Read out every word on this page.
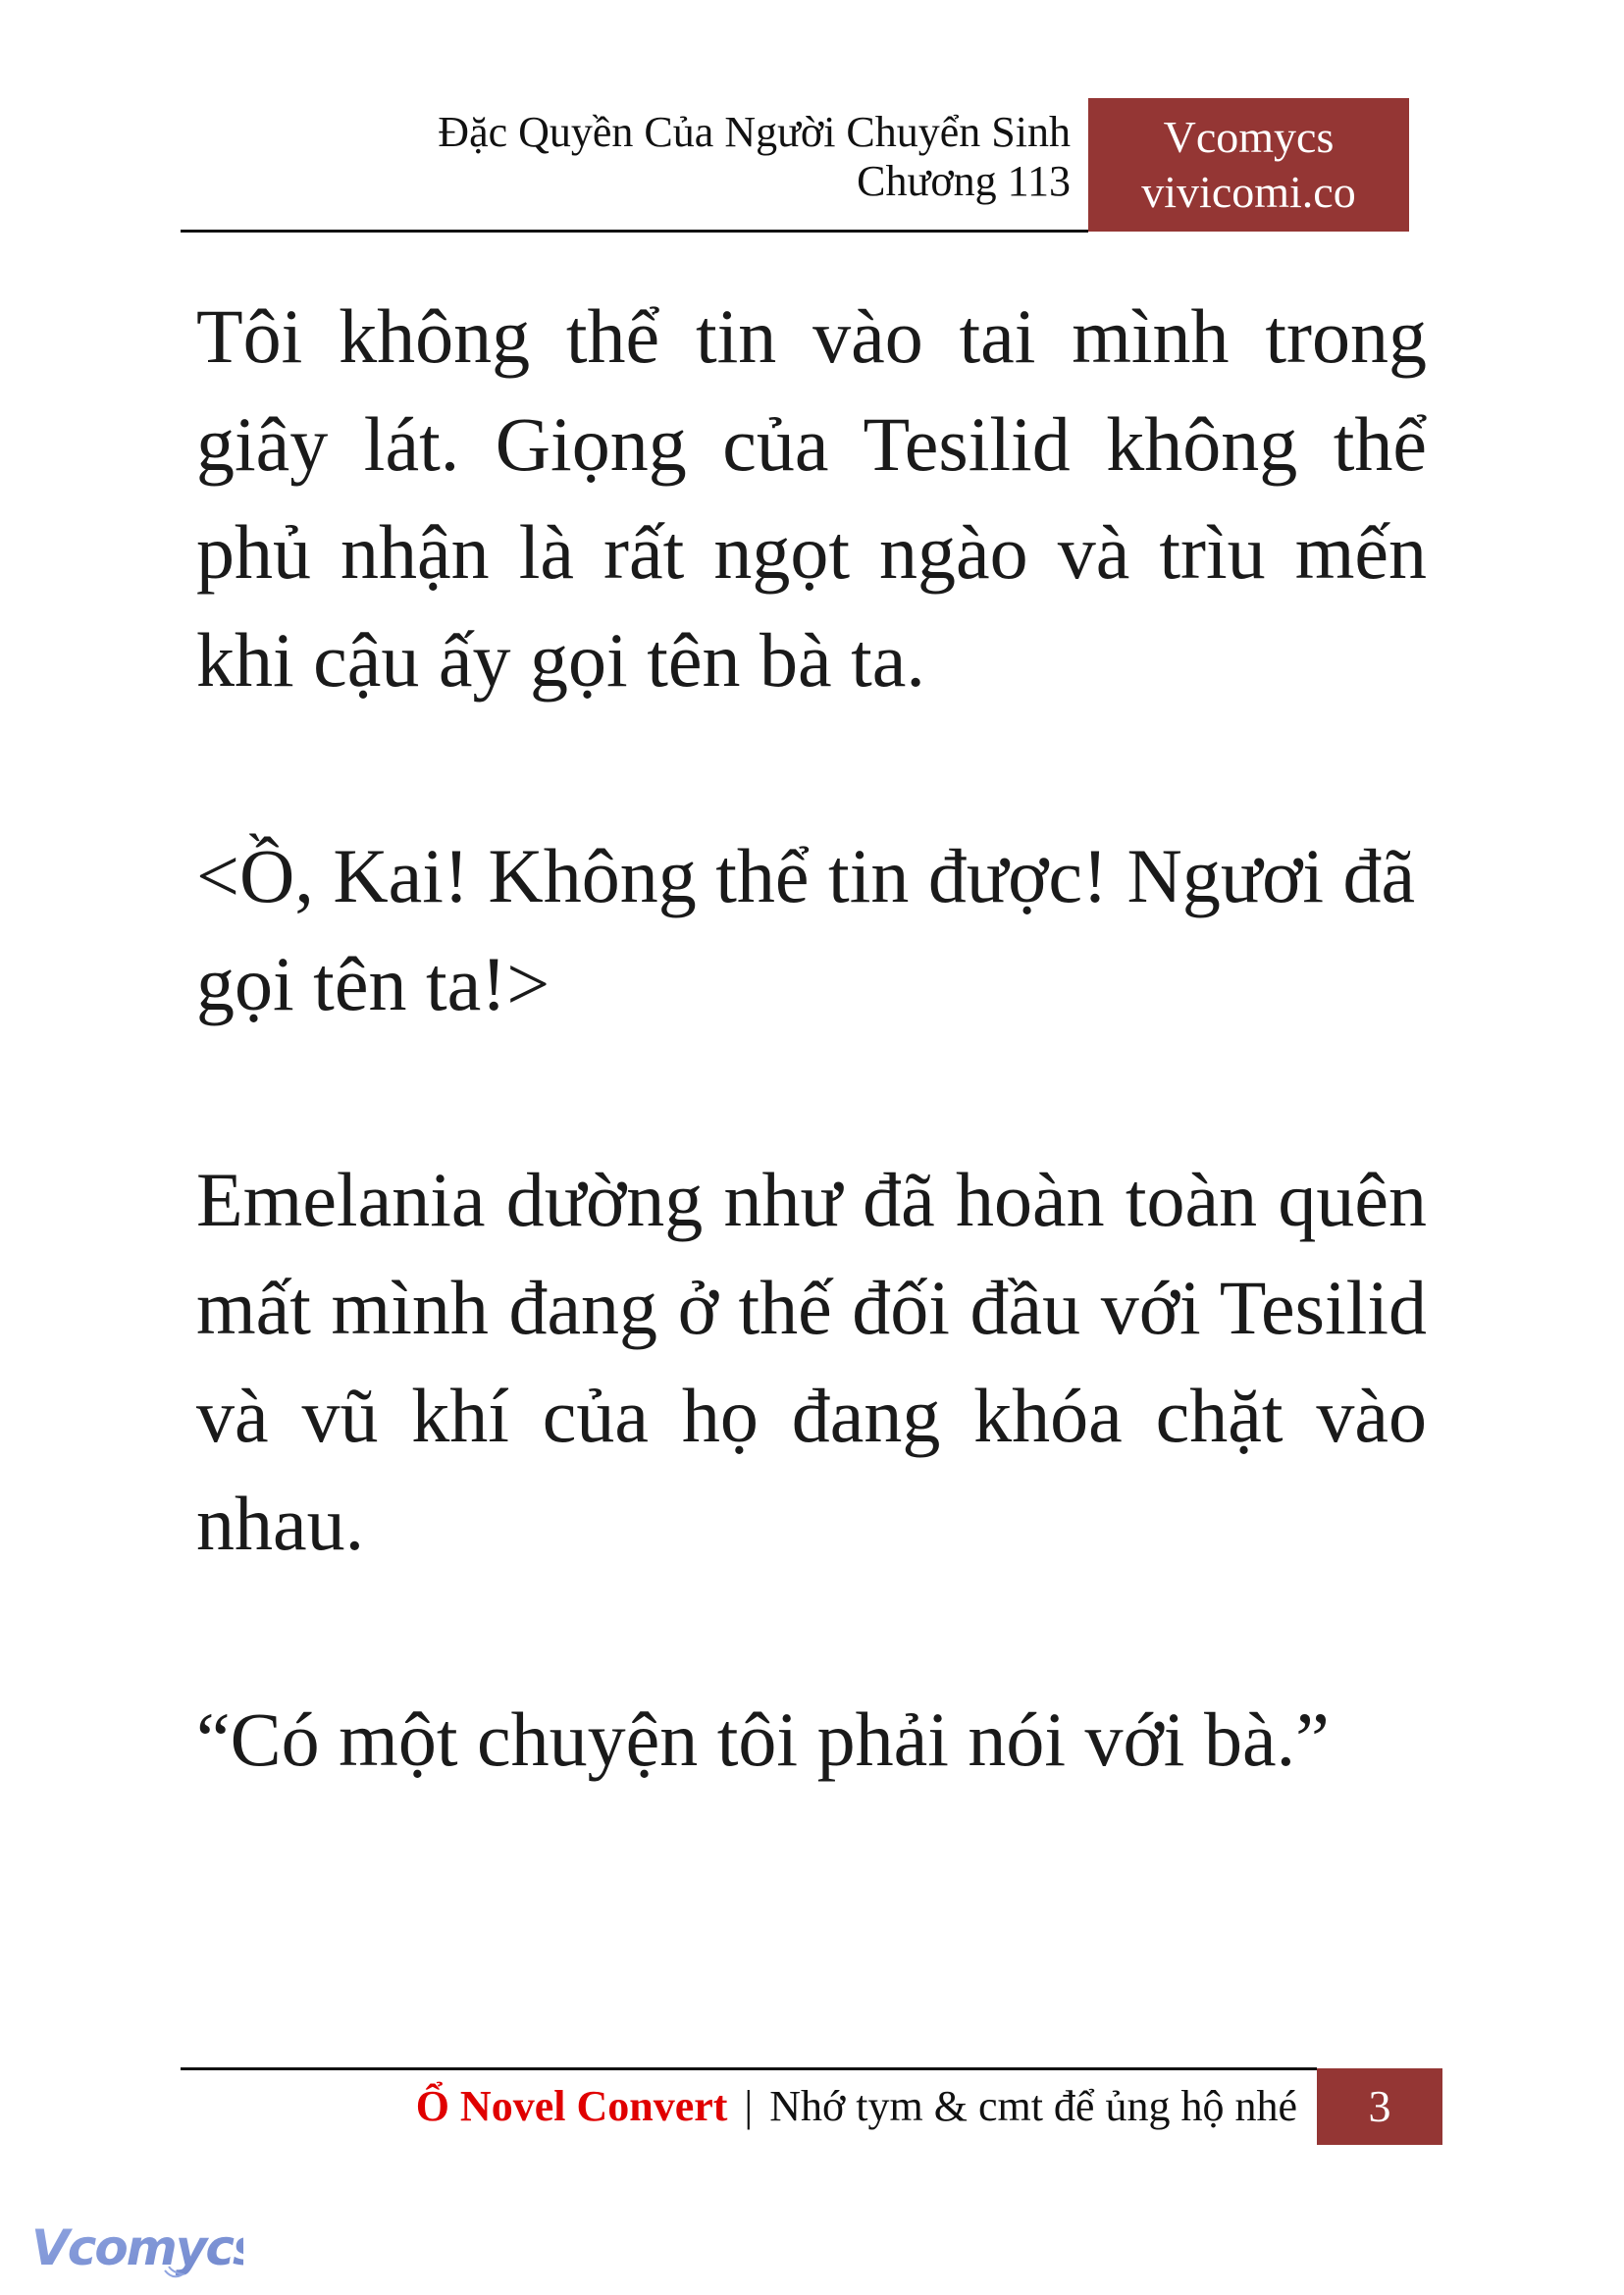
Đặc Quyền Của Người Chuyển Sinh
Chương 113
Vcomycs
vivicomi.co

Tôi không thể tin vào tai mình trong giây lát. Giọng của Tesilid không thể phủ nhận là rất ngọt ngào và trìu mến khi cậu ấy gọi tên bà ta.

<Ồ, Kai! Không thể tin được! Ngươi đã gọi tên ta!>

Emelania dường như đã hoàn toàn quên mất mình đang ở thế đối đầu với Tesilid và vũ khí của họ đang khóa chặt vào nhau.

“Có một chuyện tôi phải nói với bà.”

Ổ Novel Convert | Nhớ tym & cmt để ủng hộ nhé	3
Vcomycs
